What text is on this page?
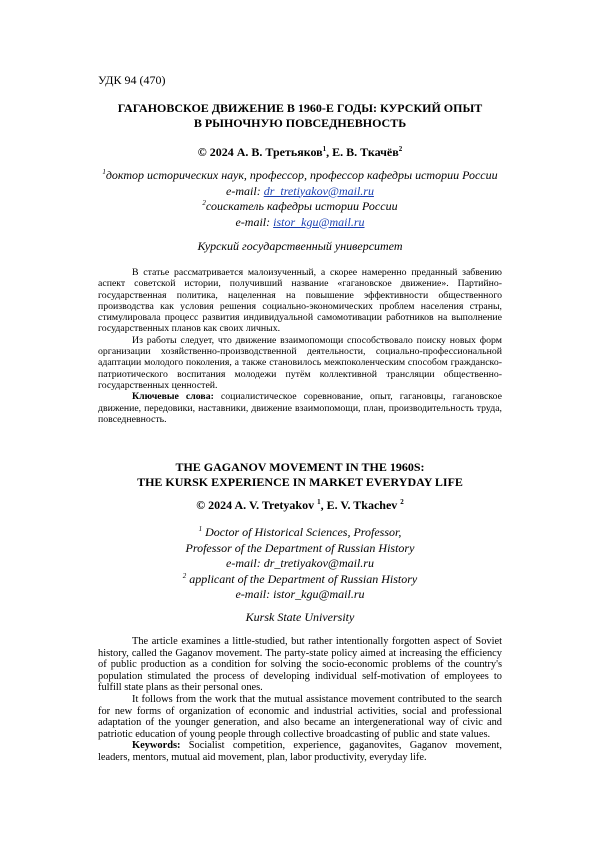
УДК 94 (470)
ГАГАНОВСКОЕ ДВИЖЕНИЕ В 1960-Е ГОДЫ: КУРСКИЙ ОПЫТ
В РЫНОЧНУЮ ПОВСЕДНЕВНОСТЬ
© 2024 А. В. Третьяков$^1$, Е. В. Ткачёв$^2$
$^1$доктор исторических наук, профессор, профессор кафедры истории России
e-mail: dr_tretiyakov@mail.ru
$^2$соискатель кафедры истории России
e-mail: istor_kgu@mail.ru
Курский государственный университет

В статье рассматривается малоизученный, а скорее намеренно преданный забвению аспект советской истории, получивший название «гагановское движение». Партийно-государственная политика, нацеленная на повышение эффективности общественного производства как условия решения социально-экономических проблем населения страны, стимулировала процесс развития индивидуальной самомотивации работников на выполнение государственных планов как своих личных.

Из работы следует, что движение взаимопомощи способствовало поиску новых форм организации хозяйственно-производственной деятельности, социально-профессиональной адаптации молодого поколения, а также становилось межпоколенческим способом гражданско-патриотического воспитания молодежи путём коллективной трансляции общественно-государственных ценностей.

Ключевые слова: социалистическое соревнование, опыт, гагановцы, гагановское движение, передовики, наставники, движение взаимопомощи, план, производительность труда, повседневность.

THE GAGANOV MOVEMENT IN THE 1960S:
THE KURSK EXPERIENCE IN MARKET EVERYDAY LIFE
© 2024 A. V. Tretyakov $^1$, E. V. Tkachev $^2$
$^1$ Doctor of Historical Sciences, Professor,
Professor of the Department of Russian History
e-mail: dr_tretiyakov@mail.ru
$^2$ applicant of the Department of Russian History
e-mail: istor_kgu@mail.ru
Kursk State University

The article examines a little-studied, but rather intentionally forgotten aspect of Soviet history, called the Gaganov movement. The party-state policy aimed at increasing the efficiency of public production as a condition for solving the socio-economic problems of the country's population stimulated the process of developing individual self-motivation of employees to fulfill state plans as their personal ones.

It follows from the work that the mutual assistance movement contributed to the search for new forms of organization of economic and industrial activities, social and professional adaptation of the younger generation, and also became an intergenerational way of civic and patriotic education of young people through collective broadcasting of public and state values.

Keywords: Socialist competition, experience, gaganovites, Gaganov movement, leaders, mentors, mutual aid movement, plan, labor productivity, everyday life.
